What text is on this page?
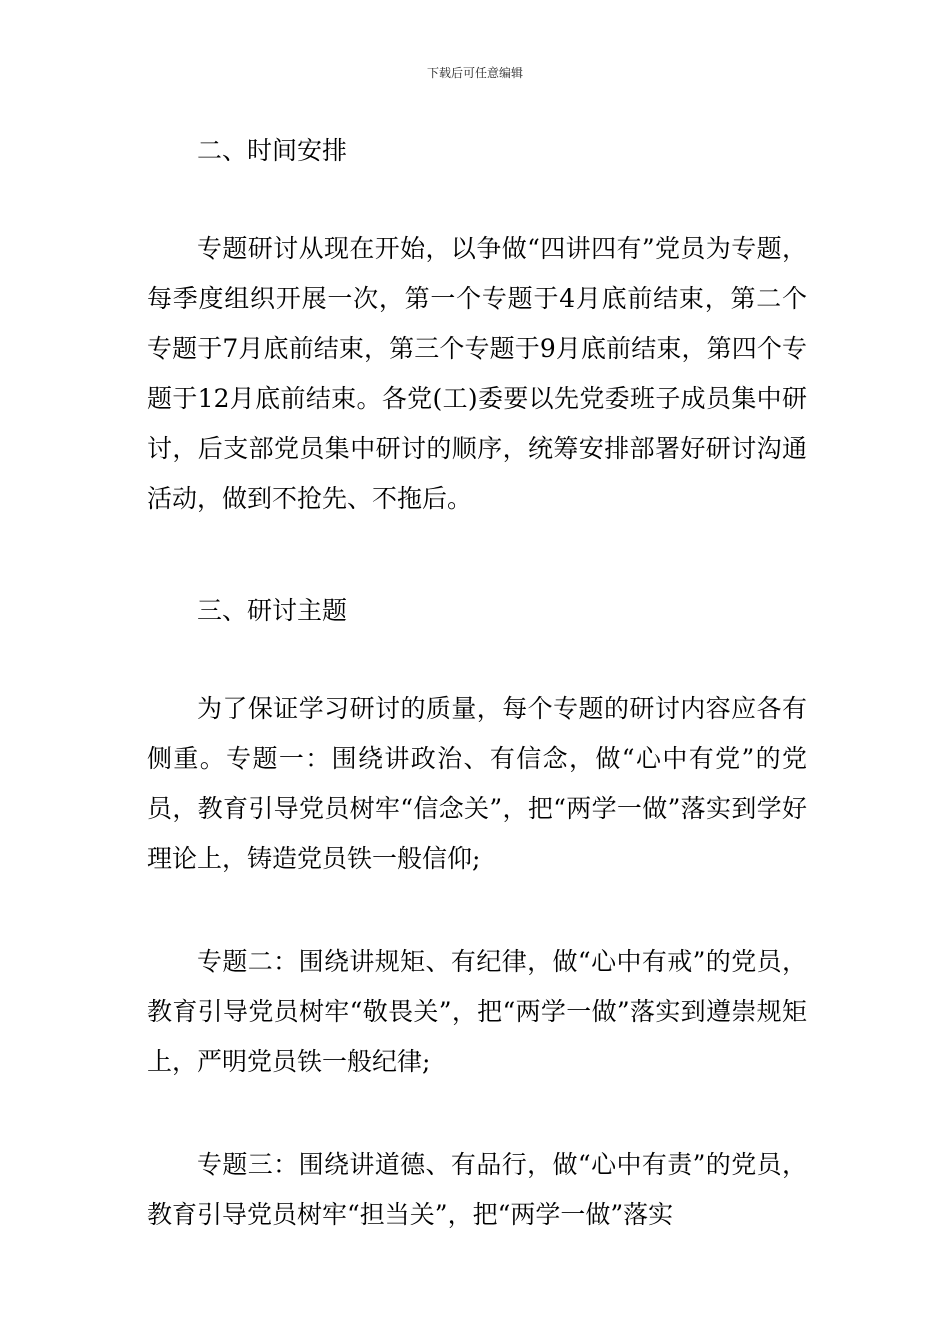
下载后可任意编辑
二、时间安排

专题研讨从现在开始，以争做“四讲四有”党员为专题，每季度组织开展一次，第一个专题于4月底前结束，第二个专题于7月底前结束，第三个专题于9月底前结束，第四个专题于12月底前结束。各党(工)委要以先党委班子成员集中研讨，后支部党员集中研讨的顺序，统筹安排部署好研讨沟通活动，做到不抢先、不拖后。

三、研讨主题

为了保证学习研讨的质量，每个专题的研讨内容应各有侧重。专题一：围绕讲政治、有信念，做“心中有党”的党员，教育引导党员树牢“信念关”，把“两学一做”落实到学好理论上，铸造党员铁一般信仰;

专题二：围绕讲规矩、有纪律，做“心中有戒”的党员，教育引导党员树牢“敬畏关”，把“两学一做”落实到遵崇规矩上，严明党员铁一般纪律;

专题三：围绕讲道德、有品行，做“心中有责”的党员，教育引导党员树牢“担当关”，把“两学一做”落实
